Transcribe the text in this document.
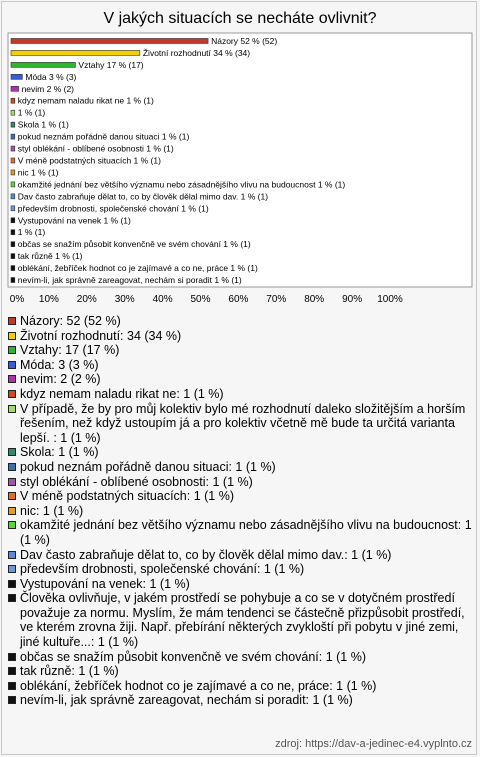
V jakých situacích se necháte ovlivnit?
Názory 52 % (52)
Životní rozhodnutí 34 % (34)
Vztahy 17 % (17)
Móda 3 % (3)
nevim 2 % (2)
kdyz nemam naladu rikat ne 1 % (1)
1 % (1)
Skola 1 % (1)
pokud neznám pořádně danou situaci 1 % (1)
styl oblékání - oblíbené osobnosti 1 % (1)
V méně podstatných situacích 1 % (1)
nic 1 % (1)
okamžité jednání bez většího významu nebo zásadnějšího vlivu na budoucnost 1 % (1)
Dav často zabraňuje dělat to, co by člověk dělal mimo dav. 1 % (1)
především drobnosti, společenské chování 1 % (1)
Vystupování na venek 1 % (1)
1 % (1)
občas se snažím působit konvenčně ve svém chování 1 % (1)
tak různě 1 % (1)
oblékání, žebříček hodnot co je zajímavé a co ne, práce 1 % (1)
nevím-li, jak správně zareagovat, nechám si poradit 1 % (1)
0% 10% 20% 30% 40% 50% 60% 70% 80% 90% 100%
Názory: 52 (52 %)
Životní rozhodnutí: 34 (34 %)
Vztahy: 17 (17 %)
Móda: 3 (3 %)
nevim: 2 (2 %)
kdyz nemam naladu rikat ne: 1 (1 %)
V případě, že by pro můj kolektiv bylo mé rozhodnutí daleko složitějším a horším řešením, než když ustoupím já a pro kolektiv včetně mě bude ta určitá varianta lepší. : 1 (1 %)
Skola: 1 (1 %)
pokud neznám pořádně danou situaci: 1 (1 %)
styl oblékání - oblíbené osobnosti: 1 (1 %)
V méně podstatných situacích: 1 (1 %)
nic: 1 (1 %)
okamžité jednání bez většího významu nebo zásadnějšího vlivu na budoucnost: 1 (1 %)
Dav často zabraňuje dělat to, co by člověk dělal mimo dav.: 1 (1 %)
především drobnosti, společenské chování: 1 (1 %)
Vystupování na venek: 1 (1 %)
Člověka ovlivňuje, v jakém prostředí se pohybuje a co se v dotyčném prostředí považuje za normu. Myslím, že mám tendenci se částečně přizpůsobit prostředí, ve kterém zrovna žiji. Např. přebírání některých zvykloští při pobytu v jiné zemi, jiné kultuře...: 1 (1 %)
občas se snažím působit konvenčně ve svém chování: 1 (1 %)
tak různě: 1 (1 %)
oblékání, žebříček hodnot co je zajímavé a co ne, práce: 1 (1 %)
nevím-li, jak správně zareagovat, nechám si poradit: 1 (1 %)
zdroj: https://dav-a-jedinec-e4.vyplnto.cz
